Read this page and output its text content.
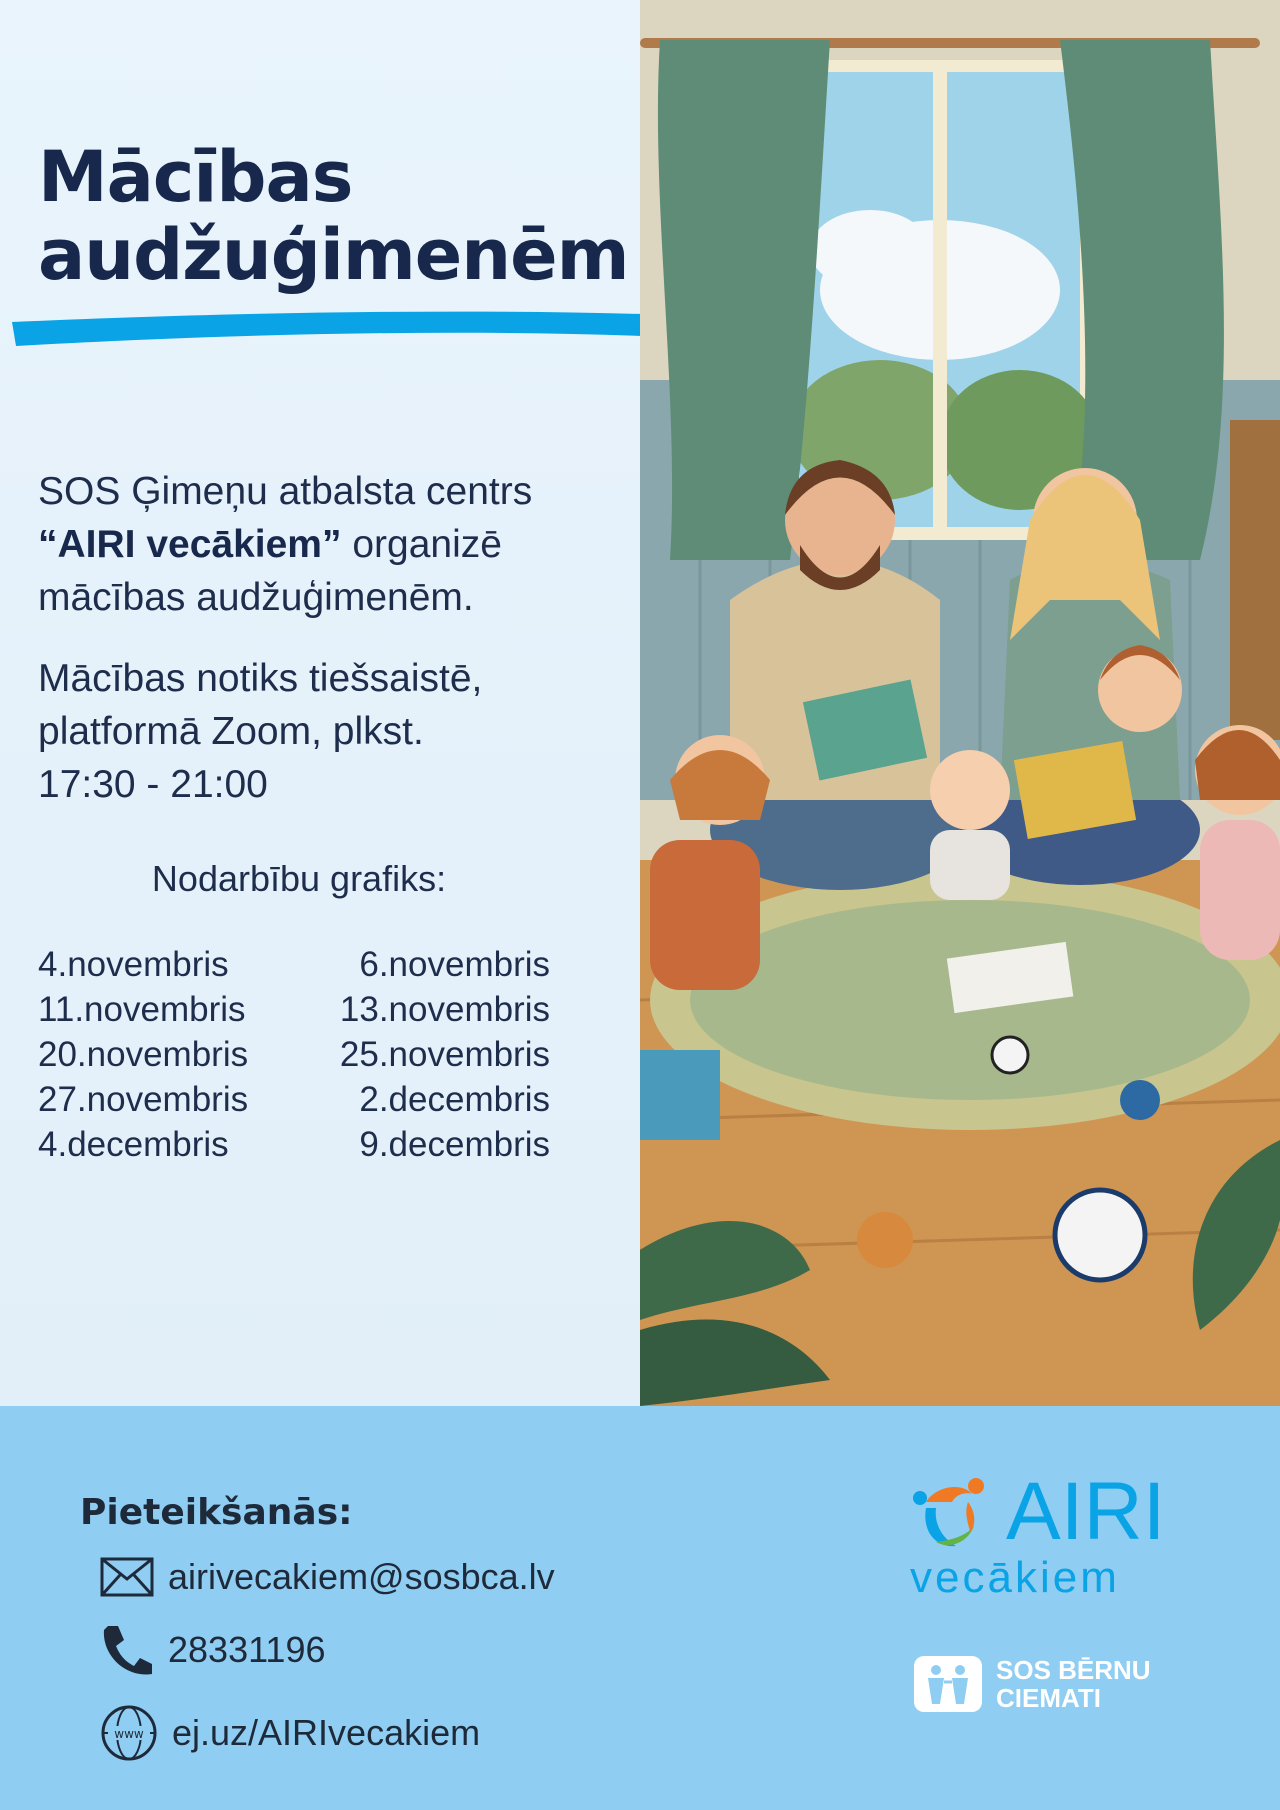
Mācības
audžuģimenēm

SOS Ģimeņu atbalsta centrs “AIRI vecākiem” organizē mācības audžuģimenēm.

Mācības notiks tiešsaistē, platformā Zoom, plkst.
17:30 - 21:00

Nodarbību grafiks:
4.novembris	6.novembris
11.novembris	13.novembris
20.novembris	25.novembris
27.novembris	2.decembris
4.decembris	9.decembris
Pieteikšanās:
airivecakiem@sosbca.lv
28331196
www ej.uz/AIRIvecakiem
AIRI
vecākiem
SOS BĒRNU
CIEMATI
